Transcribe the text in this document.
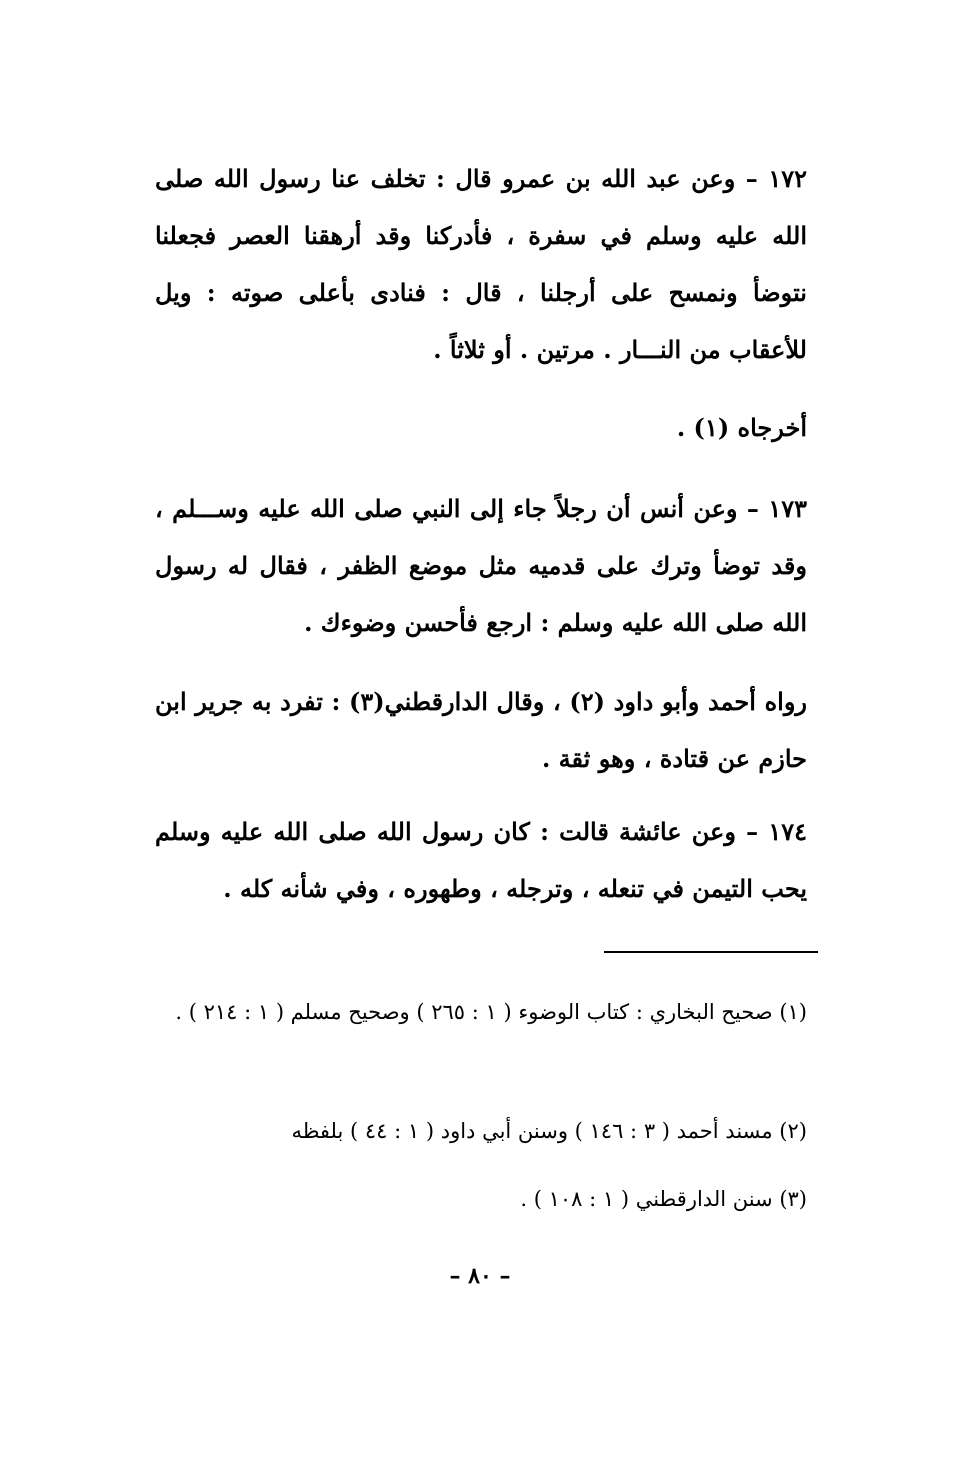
١٧٢ – وعن عبد الله بن عمرو قال : تخلف عنا رسول الله صلى الله عليه وسلم في سفرة ، فأدركنا وقد أرهقنا العصر فجعلنا نتوضأ ونمسح على أرجلنا ، قال : فنادى بأعلى صوته : ويل للأعقاب من النـــار . مرتين . أو ثلاثاً .

أخرجاه (١) .

١٧٣ – وعن أنس أن رجلاً جاء إلى النبي صلى الله عليه وســـلم ، وقد توضأ وترك على قدميه مثل موضع الظفر ، فقال له رسول الله صلى الله عليه وسلم : ارجع فأحسن وضوءك .

رواه أحمد وأبو داود (٢) ، وقال الدارقطني(٣) : تفرد به جرير ابن حازم عن قتادة ، وهو ثقة .

١٧٤ – وعن عائشة قالت : كان رسول الله صلى الله عليه وسلم يحب التيمن في تنعله ، وترجله ، وطهوره ، وفي شأنه كله .

(١) صحيح البخاري : كتاب الوضوء ( ١ : ٢٦٥ ) وصحيح مسلم ( ١ : ٢١٤ ) .

(٢) مسند أحمد ( ٣ : ١٤٦ ) وسنن أبي داود ( ١ : ٤٤ ) بلفظه

(٣) سنن الدارقطني ( ١ : ١٠٨ ) .

– ٨٠ –
